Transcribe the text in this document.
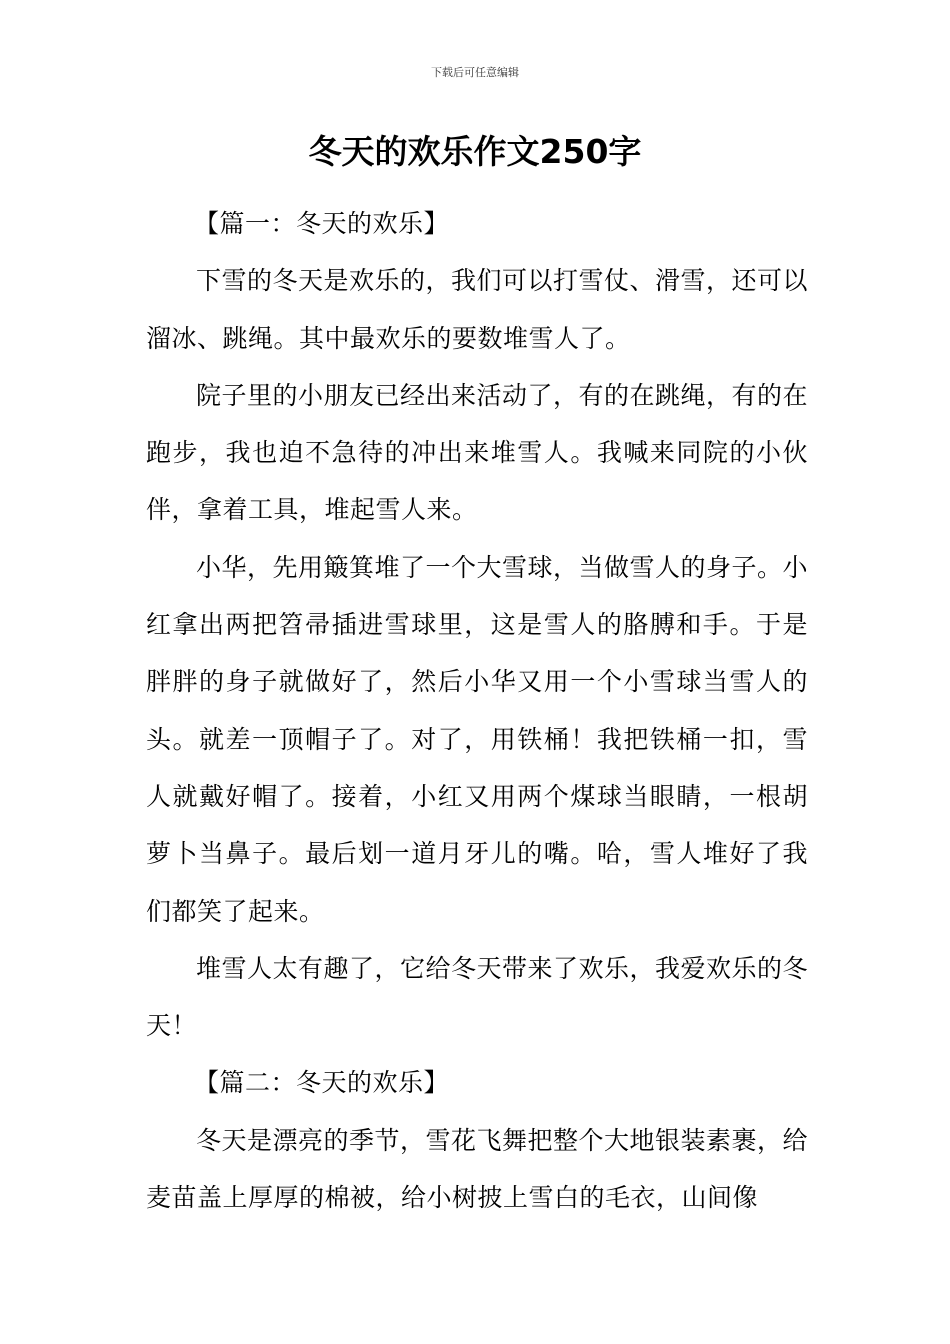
下载后可任意编辑
冬天的欢乐作文250字

【篇一：冬天的欢乐】

下雪的冬天是欢乐的，我们可以打雪仗、滑雪，还可以溜冰、跳绳。其中最欢乐的要数堆雪人了。

院子里的小朋友已经出来活动了，有的在跳绳，有的在跑步，我也迫不急待的冲出来堆雪人。我喊来同院的小伙伴，拿着工具，堆起雪人来。

小华，先用簸箕堆了一个大雪球，当做雪人的身子。小红拿出两把笤帚插进雪球里，这是雪人的胳膊和手。于是胖胖的身子就做好了，然后小华又用一个小雪球当雪人的头。就差一顶帽子了。对了，用铁桶！我把铁桶一扣，雪人就戴好帽了。接着，小红又用两个煤球当眼睛，一根胡萝卜当鼻子。最后划一道月牙儿的嘴。哈，雪人堆好了我们都笑了起来。

堆雪人太有趣了，它给冬天带来了欢乐，我爱欢乐的冬天！

【篇二：冬天的欢乐】

冬天是漂亮的季节，雪花飞舞把整个大地银装素裹，给麦苗盖上厚厚的棉被，给小树披上雪白的毛衣，山间像
